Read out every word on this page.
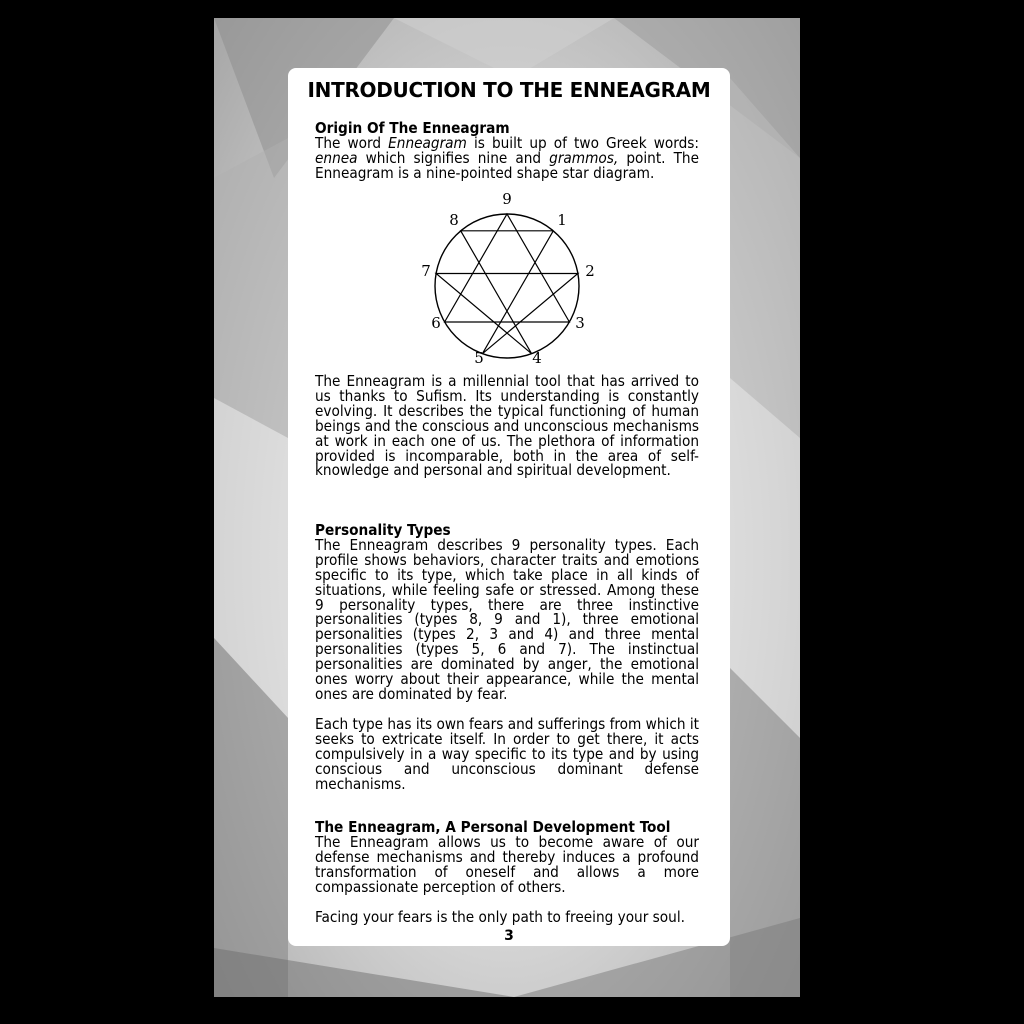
INTRODUCTION TO THE ENNEAGRAM
Origin Of The Enneagram

The word Enneagram is built up of two Greek words: ennea which signifies nine and grammos, point. The Enneagram is a nine-pointed shape star diagram.

9
1
2
3
4
5
6
7
8

The Enneagram is a millennial tool that has arrived to us thanks to Sufism. Its understanding is constantly evolving. It describes the typical functioning of human beings and the conscious and unconscious mechanisms at work in each one of us. The plethora of information provided is incomparable, both in the area of self-knowledge and personal and spiritual development.

Personality Types

The Enneagram describes 9 personality types. Each profile shows behaviors, character traits and emotions specific to its type, which take place in all kinds of situations, while feeling safe or stressed. Among these 9 personality types, there are three instinctive personalities (types 8, 9 and 1), three emotional personalities (types 2, 3 and 4) and three mental personalities (types 5, 6 and 7). The instinctual personalities are dominated by anger, the emotional ones worry about their appearance, while the mental ones are dominated by fear.

Each type has its own fears and sufferings from which it seeks to extricate itself. In order to get there, it acts compulsively in a way specific to its type and by using conscious and unconscious dominant defense mechanisms.

The Enneagram, A Personal Development Tool

The Enneagram allows us to become aware of our defense mechanisms and thereby induces a profound transformation of oneself and allows a more compassionate perception of others.

Facing your fears is the only path to freeing your soul.

3
